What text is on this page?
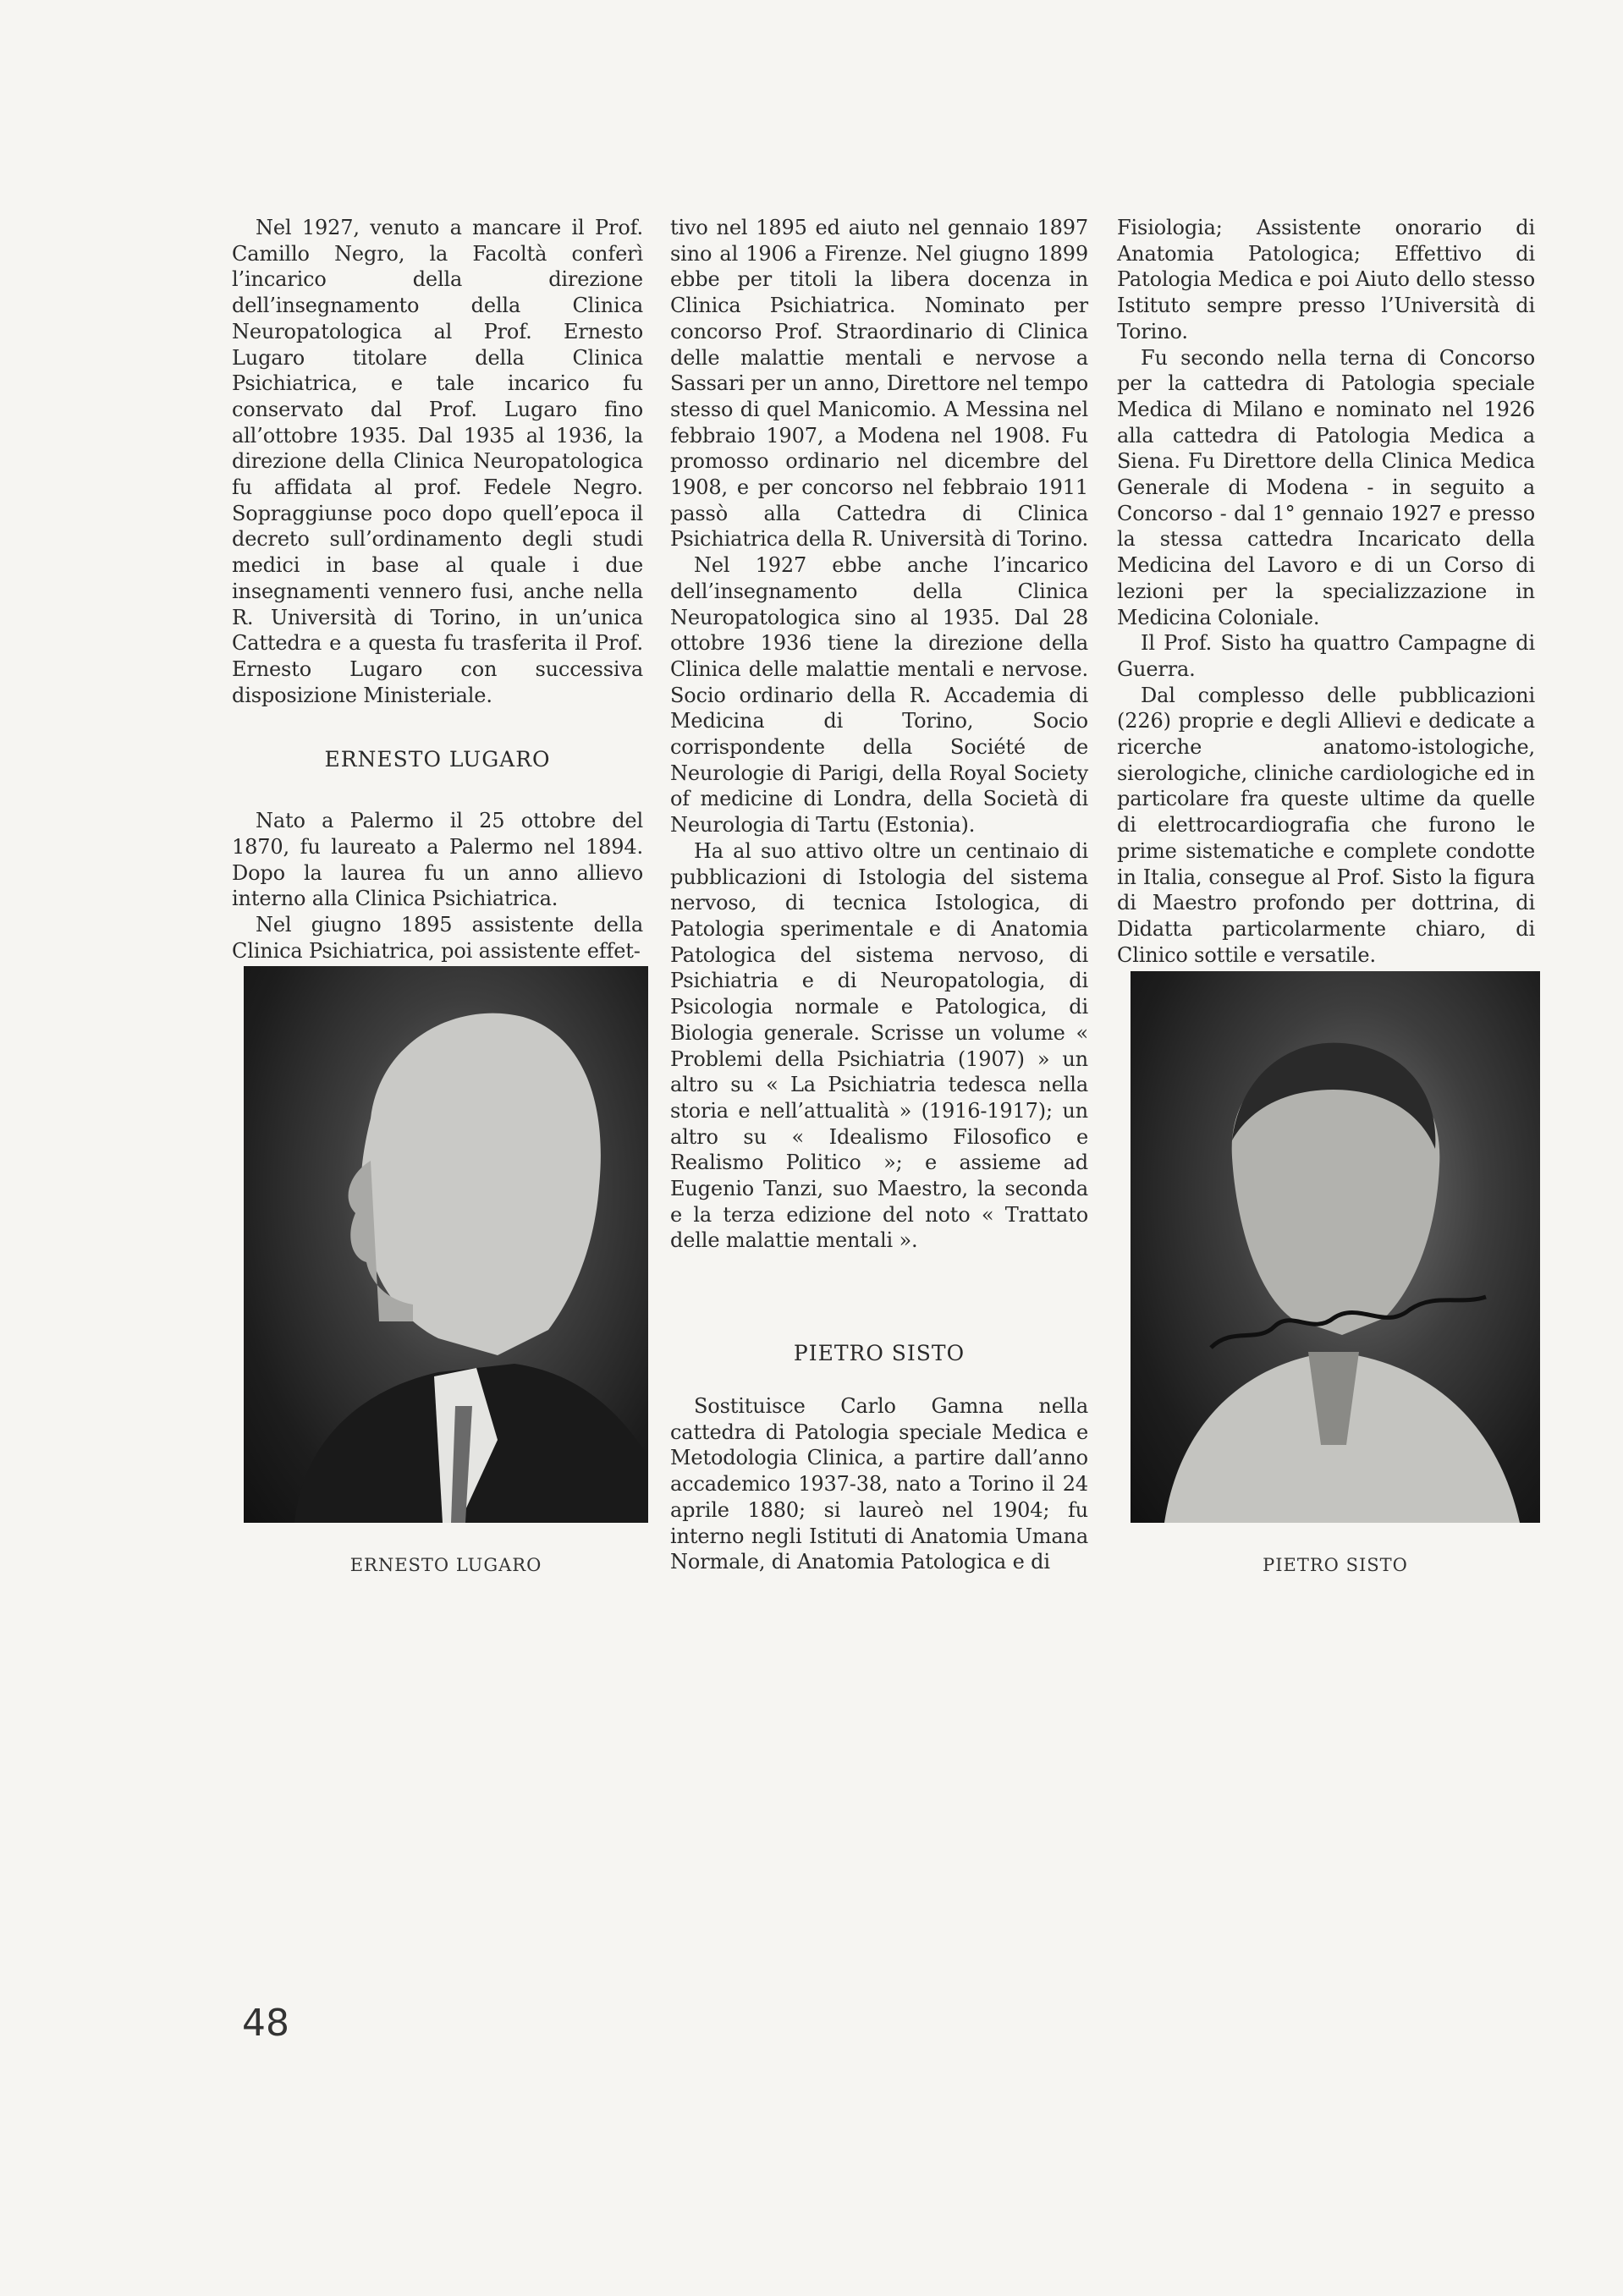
Nel 1927, venuto a mancare il Prof. Camillo Negro, la Facoltà conferì l’incarico della direzione dell’insegnamento della Clinica Neuropatologica al Prof. Ernesto Lugaro titolare della Clinica Psichiatrica, e tale incarico fu conservato dal Prof. Lugaro fino all’ottobre 1935. Dal 1935 al 1936, la direzione della Clinica Neuropatologica fu affidata al prof. Fedele Negro. Sopraggiunse poco dopo quell’epoca il decreto sull’ordinamento degli studi medici in base al quale i due insegnamenti vennero fusi, anche nella R. Università di Torino, in un’unica Cattedra e a questa fu trasferita il Prof. Ernesto Lugaro con successiva disposizione Ministeriale.

ERNESTO LUGARO

Nato a Palermo il 25 ottobre del 1870, fu laureato a Palermo nel 1894. Dopo la laurea fu un anno allievo interno alla Clinica Psichiatrica.

Nel giugno 1895 assistente della Clinica Psichiatrica, poi assistente effet-

tivo nel 1895 ed aiuto nel gennaio 1897 sino al 1906 a Firenze. Nel giugno 1899 ebbe per titoli la libera docenza in Clinica Psichiatrica. Nominato per concorso Prof. Straordinario di Clinica delle malattie mentali e nervose a Sassari per un anno, Direttore nel tempo stesso di quel Manicomio. A Messina nel febbraio 1907, a Modena nel 1908. Fu promosso ordinario nel dicembre del 1908, e per concorso nel febbraio 1911 passò alla Cattedra di Clinica Psichiatrica della R. Università di Torino.

Nel 1927 ebbe anche l’incarico dell’insegnamento della Clinica Neuropatologica sino al 1935. Dal 28 ottobre 1936 tiene la direzione della Clinica delle malattie mentali e nervose. Socio ordinario della R. Accademia di Medicina di Torino, Socio corrispondente della Société de Neurologie di Parigi, della Royal Society of medicine di Londra, della Società di Neurologia di Tartu (Estonia).

Ha al suo attivo oltre un centinaio di pubblicazioni di Istologia del sistema nervoso, di tecnica Istologica, di Patologia sperimentale e di Anatomia Patologica del sistema nervoso, di Psichiatria e di Neuropatologia, di Psicologia normale e Patologica, di Biologia generale. Scrisse un volume « Problemi della Psichiatria (1907) » un altro su « La Psichiatria tedesca nella storia e nell’attualità » (1916-1917); un altro su « Idealismo Filosofico e Realismo Politico »; e assieme ad Eugenio Tanzi, suo Maestro, la seconda e la terza edizione del noto « Trattato delle malattie mentali ».

PIETRO SISTO

Sostituisce Carlo Gamna nella cattedra di Patologia speciale Medica e Metodologia Clinica, a partire dall’anno accademico 1937-38, nato a Torino il 24 aprile 1880; si laureò nel 1904; fu interno negli Istituti di Anatomia Umana Normale, di Anatomia Patologica e di

Fisiologia; Assistente onorario di Anatomia Patologica; Effettivo di Patologia Medica e poi Aiuto dello stesso Istituto sempre presso l’Università di Torino.

Fu secondo nella terna di Concorso per la cattedra di Patologia speciale Medica di Milano e nominato nel 1926 alla cattedra di Patologia Medica a Siena. Fu Direttore della Clinica Medica Generale di Modena - in seguito a Concorso - dal 1° gennaio 1927 e presso la stessa cattedra Incaricato della Medicina del Lavoro e di un Corso di lezioni per la specializzazione in Medicina Coloniale.

Il Prof. Sisto ha quattro Campagne di Guerra.

Dal complesso delle pubblicazioni (226) proprie e degli Allievi e dedicate a ricerche anatomo-istologiche, sierologiche, cliniche cardiologiche ed in particolare fra queste ultime da quelle di elettrocardiografia che furono le prime sistematiche e complete condotte in Italia, consegue al Prof. Sisto la figura di Maestro profondo per dottrina, di Didatta particolarmente chiaro, di Clinico sottile e versatile.

ERNESTO LUGARO	PIETRO SISTO

48
